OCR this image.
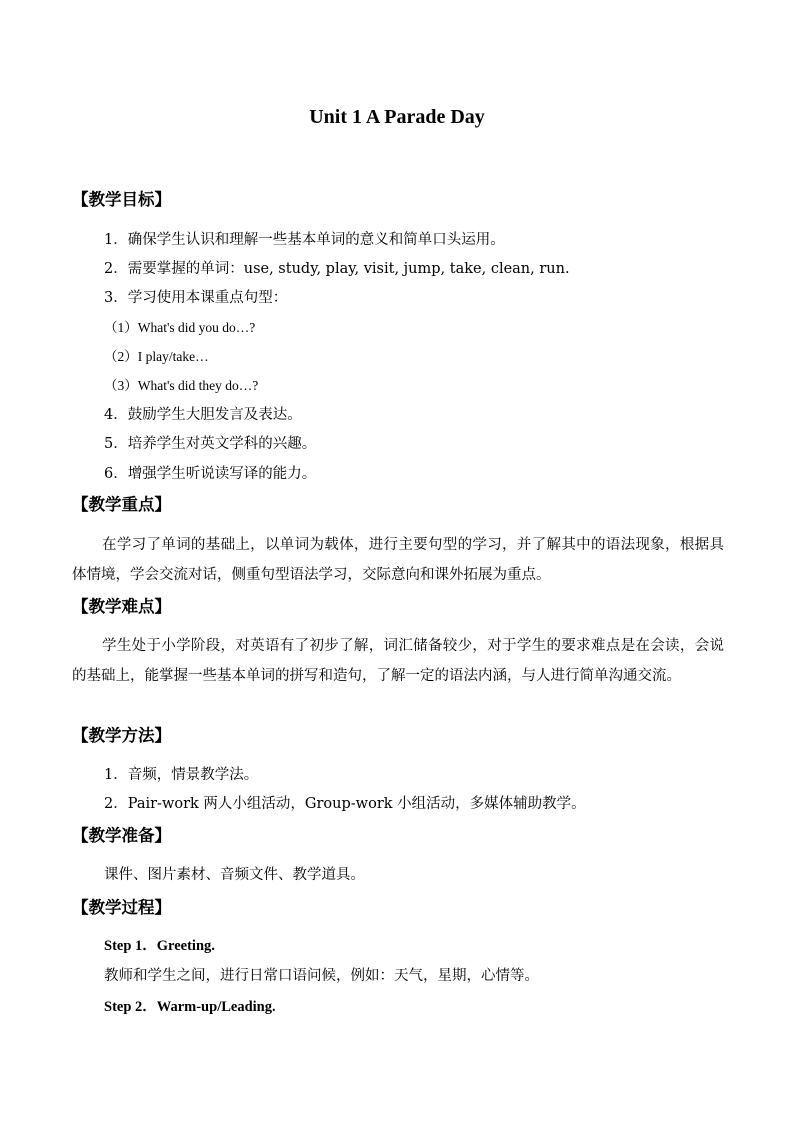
Unit 1 A Parade Day
【教学目标】
1．确保学生认识和理解一些基本单词的意义和简单口头运用。
2．需要掌握的单词：use, study, play, visit, jump, take, clean, run.
3．学习使用本课重点句型：
（1）What's did you do…?
（2）I play/take…
（3）What's did they do…?
4．鼓励学生大胆发言及表达。
5．培养学生对英文学科的兴趣。
6．增强学生听说读写译的能力。
【教学重点】
在学习了单词的基础上，以单词为载体，进行主要句型的学习，并了解其中的语法现象，根据具体情境，学会交流对话，侧重句型语法学习，交际意向和课外拓展为重点。
【教学难点】
学生处于小学阶段，对英语有了初步了解，词汇储备较少，对于学生的要求难点是在会读，会说的基础上，能掌握一些基本单词的拼写和造句，了解一定的语法内涵，与人进行简单沟通交流。
【教学方法】
1．音频，情景教学法。
2．Pair-work 两人小组活动，Group-work 小组活动，多媒体辅助教学。
【教学准备】
课件、图片素材、音频文件、教学道具。
【教学过程】
Step 1．Greeting.
教师和学生之间，进行日常口语问候，例如：天气，星期，心情等。
Step 2．Warm-up/Leading.
